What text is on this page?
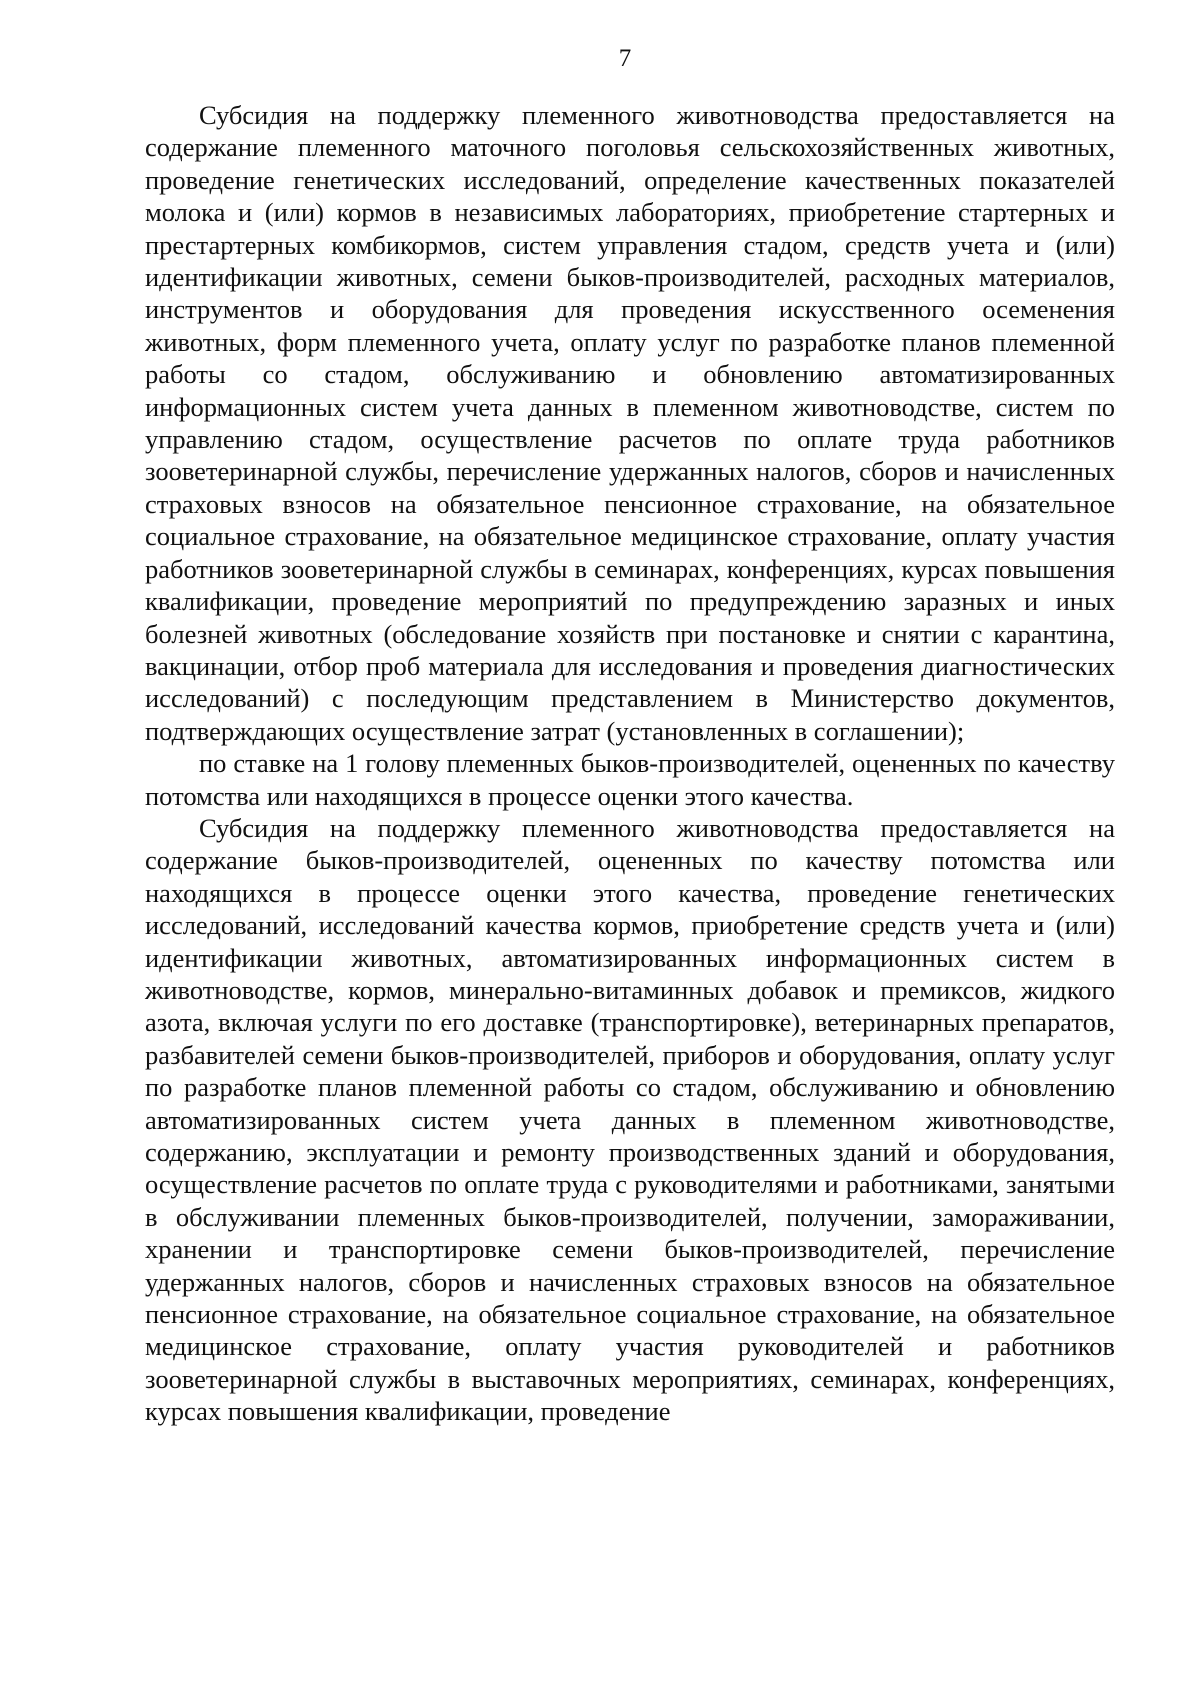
7

Субсидия на поддержку племенного животноводства предоставляется на содержание племенного маточного поголовья сельскохозяйственных животных, проведение генетических исследований, определение качественных показателей молока и (или) кормов в независимых лабораториях, приобретение стартерных и престартерных комбикормов, систем управления стадом, средств учета и (или) идентификации животных, семени быков-производителей, расходных материалов, инструментов и оборудования для проведения искусственного осеменения животных, форм племенного учета, оплату услуг по разработке планов племенной работы со стадом, обслуживанию и обновлению автоматизированных информационных систем учета данных в племенном животноводстве, систем по управлению стадом, осуществление расчетов по оплате труда работников зооветеринарной службы, перечисление удержанных налогов, сборов и начисленных страховых взносов на обязательное пенсионное страхование, на обязательное социальное страхование, на обязательное медицинское страхование, оплату участия работников зооветеринарной службы в семинарах, конференциях, курсах повышения квалификации, проведение мероприятий по предупреждению заразных и иных болезней животных (обследование хозяйств при постановке и снятии с карантина, вакцинации, отбор проб материала для исследования и проведения диагностических исследований) с последующим представлением в Министерство документов, подтверждающих осуществление затрат (установленных в соглашении);

по ставке на 1 голову племенных быков-производителей, оцененных по качеству потомства или находящихся в процессе оценки этого качества.

Субсидия на поддержку племенного животноводства предоставляется на содержание быков-производителей, оцененных по качеству потомства или находящихся в процессе оценки этого качества, проведение генетических исследований, исследований качества кормов, приобретение средств учета и (или) идентификации животных, автоматизированных информационных систем в животноводстве, кормов, минерально-витаминных добавок и премиксов, жидкого азота, включая услуги по его доставке (транспортировке), ветеринарных препаратов, разбавителей семени быков-производителей, приборов и оборудования, оплату услуг по разработке планов племенной работы со стадом, обслуживанию и обновлению автоматизированных систем учета данных в племенном животноводстве, содержанию, эксплуатации и ремонту производственных зданий и оборудования, осуществление расчетов по оплате труда с руководителями и работниками, занятыми в обслуживании племенных быков-производителей, получении, замораживании, хранении и транспортировке семени быков-производителей, перечисление удержанных налогов, сборов и начисленных страховых взносов на обязательное пенсионное страхование, на обязательное социальное страхование, на обязательное медицинское страхование, оплату участия руководителей и работников зооветеринарной службы в выставочных мероприятиях, семинарах, конференциях, курсах повышения квалификации, проведение
